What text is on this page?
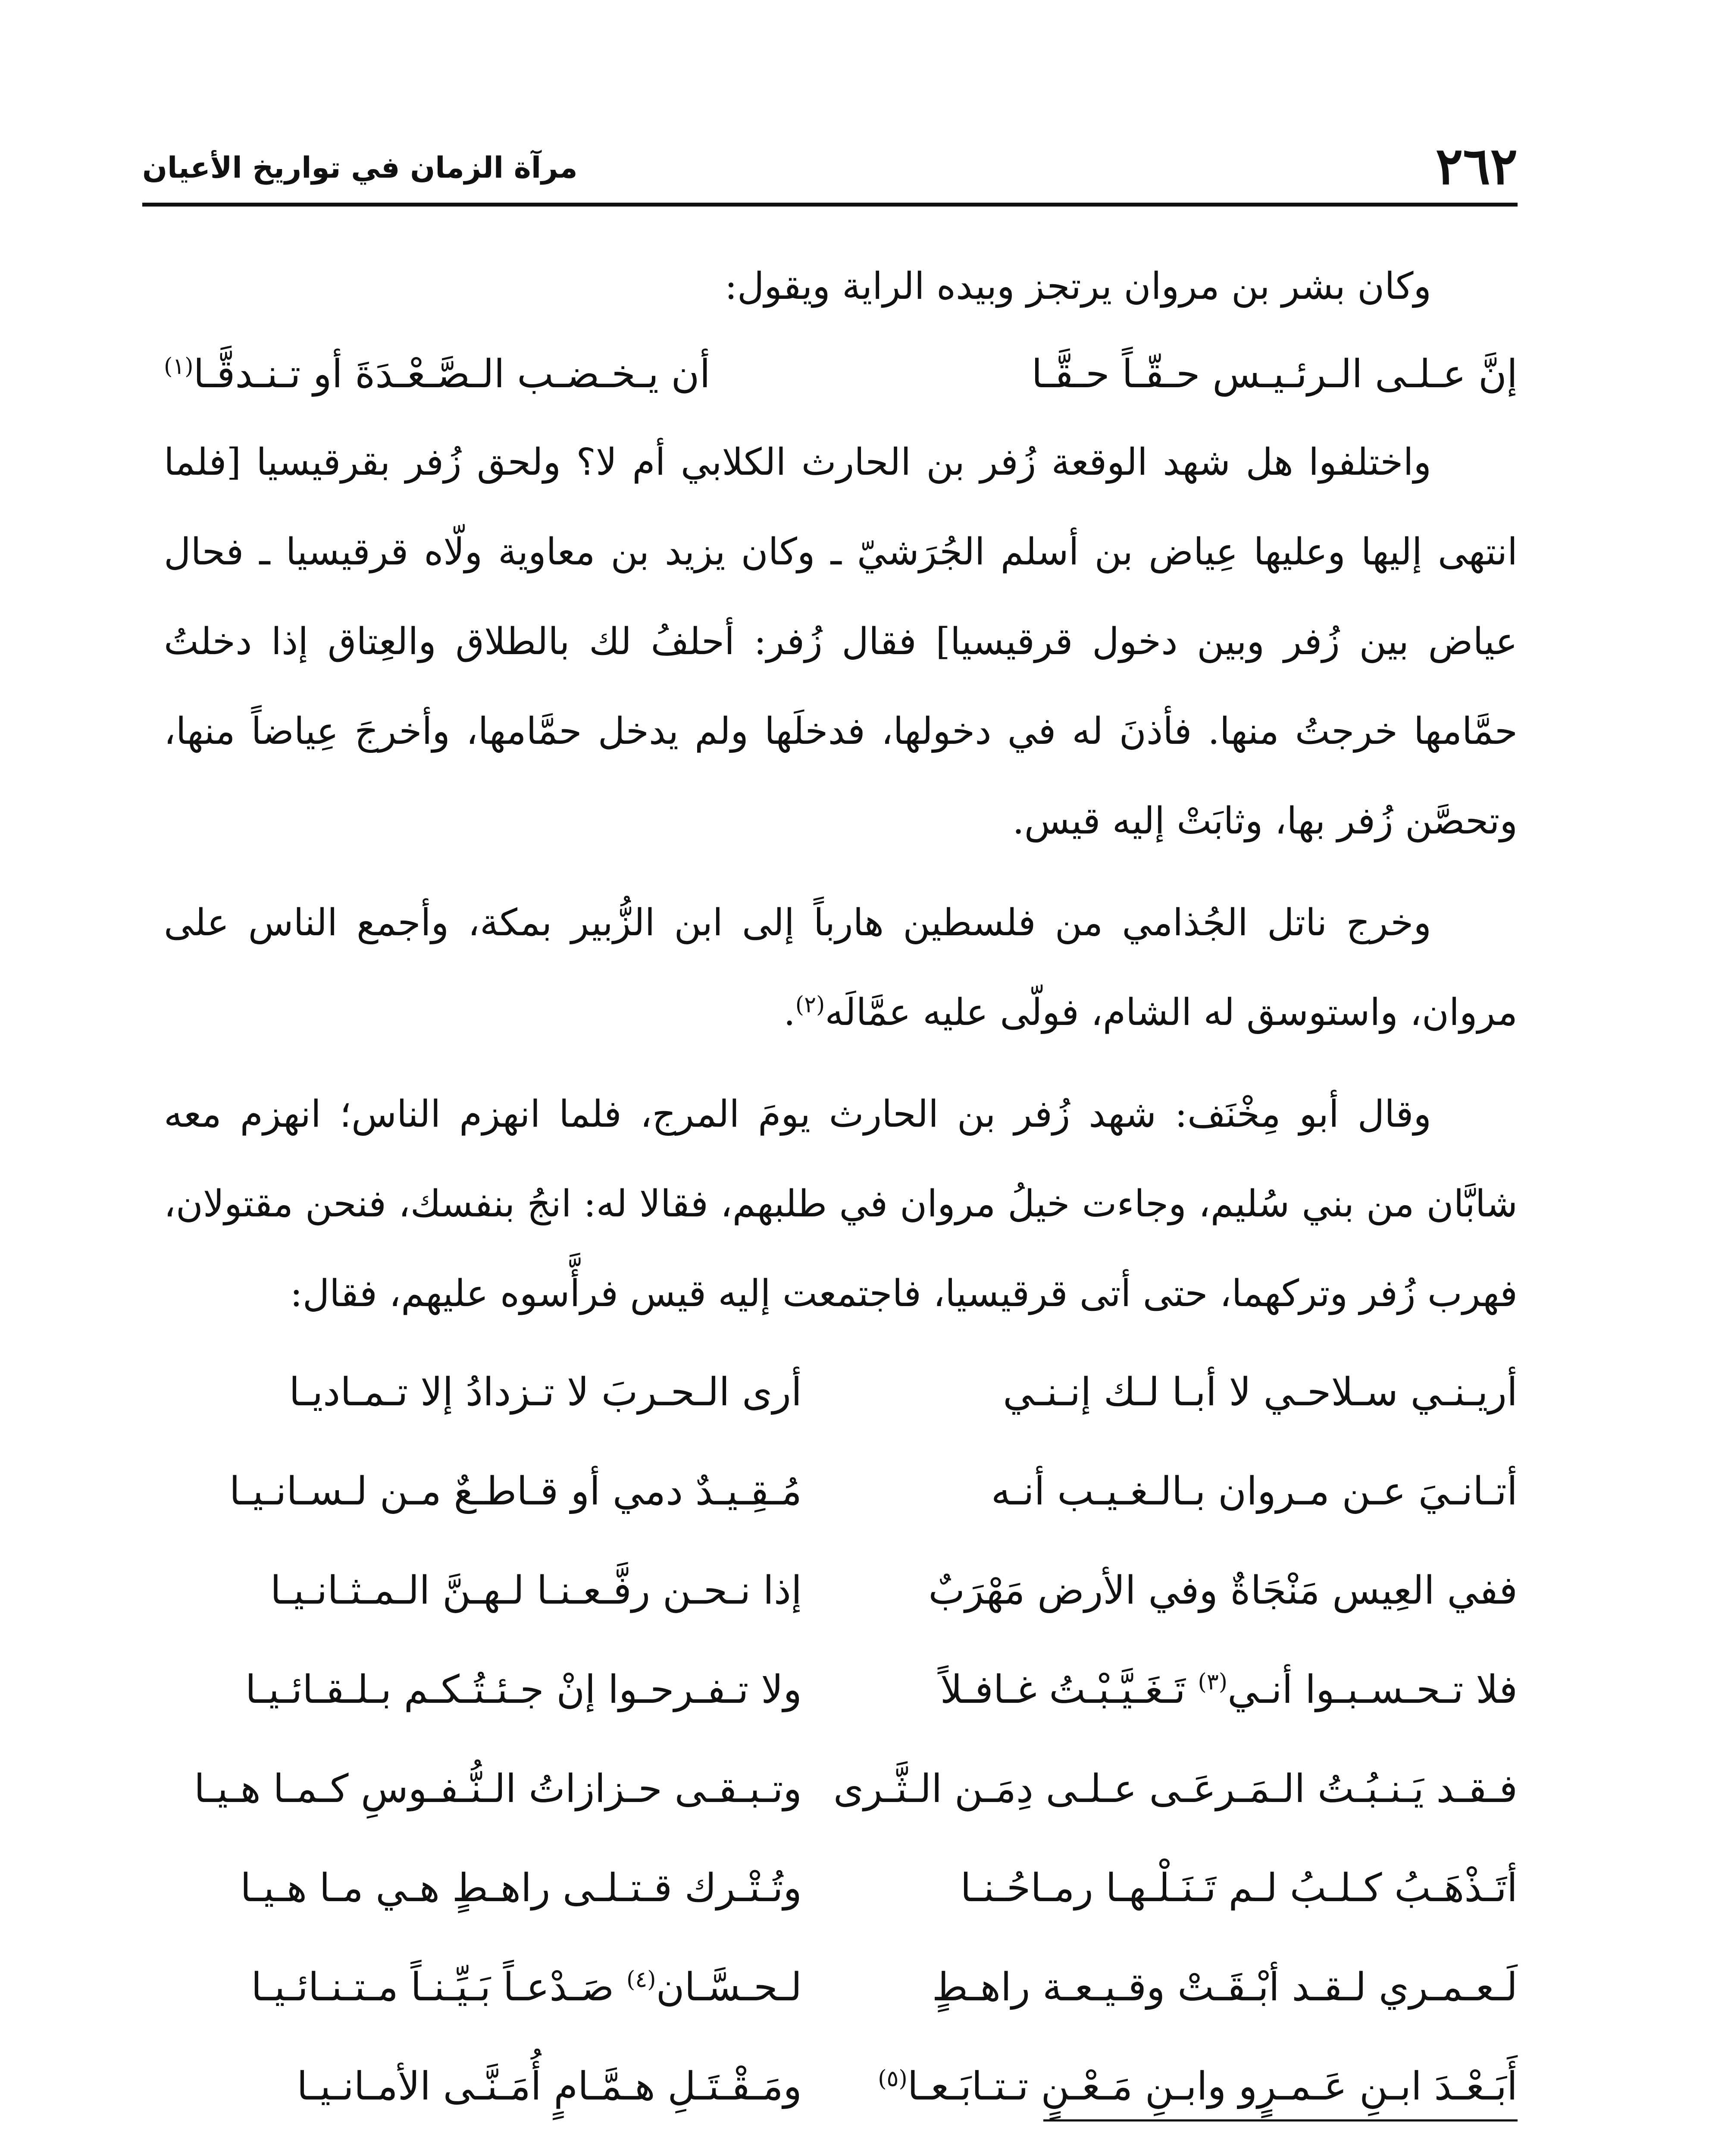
٢٦٢
مرآة الزمان في تواريخ الأعيان

وكان بشر بن مروان يرتجز وبيده الراية ويقول:

إنَّ عـلـى الـرئـيـس حـقّـاً حـقَّـا
أن يـخـضـب الـصَّـعْـدَةَ أو تـنـدقَّـا$^{(١)}$

واختلفوا هل شهد الوقعة زُفر بن الحارث الكلابي أم لا؟ ولحق زُفر بقرقيسيا [فلما انتهى إليها وعليها عِياض بن أسلم الجُرَشيّ ـ وكان يزيد بن معاوية ولّاه قرقيسيا ـ فحال عياض بين زُفر وبين دخول قرقيسيا] فقال زُفر: أحلفُ لك بالطلاق والعِتاق إذا دخلتُ حمَّامها خرجتُ منها. فأذنَ له في دخولها، فدخلَها ولم يدخل حمَّامها، وأخرجَ عِياضاً منها، وتحصَّن زُفر بها، وثابَتْ إليه قيس.

وخرج ناتل الجُذامي من فلسطين هارباً إلى ابن الزُّبير بمكة، وأجمع الناس على مروان، واستوسق له الشام، فولّى عليه عمَّالَه$^{(٢)}$.

وقال أبو مِخْنَف: شهد زُفر بن الحارث يومَ المرج، فلما انهزم الناس؛ انهزم معه شابَّان من بني سُليم، وجاءت خيلُ مروان في طلبهم، فقالا له: انجُ بنفسك، فنحن مقتولان، فهرب زُفر وتركهما، حتى أتى قرقيسيا، فاجتمعت إليه قيس فرأَّسوه عليهم، فقال:

أريـنـي سـلاحـي لا أبـا لـك إنـنـي
أرى الـحـربَ لا تـزدادُ إلا تـمـاديـا
أتـانـيَ عـن مـروان بـالـغـيـب أنـه
مُـقِـيـدٌ دمي أو قـاطـعٌ مـن لـسـانـيـا
ففي العِيس مَنْجَاةٌ وفي الأرض مَهْرَبٌ
إذا نـحـن رفَّـعـنـا لـهـنَّ الـمـثـانـيـا
فلا تـحـسـبـوا أنـي$^{(٣)}$ تَـغَـيَّـبْـتُ غـافـلاً
ولا تـفـرحـوا إنْ جـئـتُـكـم بـلـقـائـيـا
فـقـد يَـنـبُـتُ الـمَـرعَـى عـلـى دِمَـن الـثَّـرى
وتـبـقـى حـزازاتُ الـنُّـفـوسِ كـمـا هـيـا
أتَـذْهَـبُ كـلـبُ لـم تَـنَـلْـهـا رمـاحُـنـا
وتُـتْـرك قـتـلـى راهـطٍ هـي مـا هـيـا
لَـعـمـري لـقـد أبْـقَـتْ وقـيـعـة راهـطٍ
لـحـسَّـان$^{(٤)}$ صَـدْعـاً بَـيِّـنـاً مـتـنـائـيـا
أَبَـعْـدَ ابـنِ عَـمـرٍو وابـنِ مَـعْـنٍ تـتـابَـعـا$^{(٥)}$
ومَـقْـتَـلِ هـمَّـامٍ أُمَـنَّـى الأمـانـيـا
